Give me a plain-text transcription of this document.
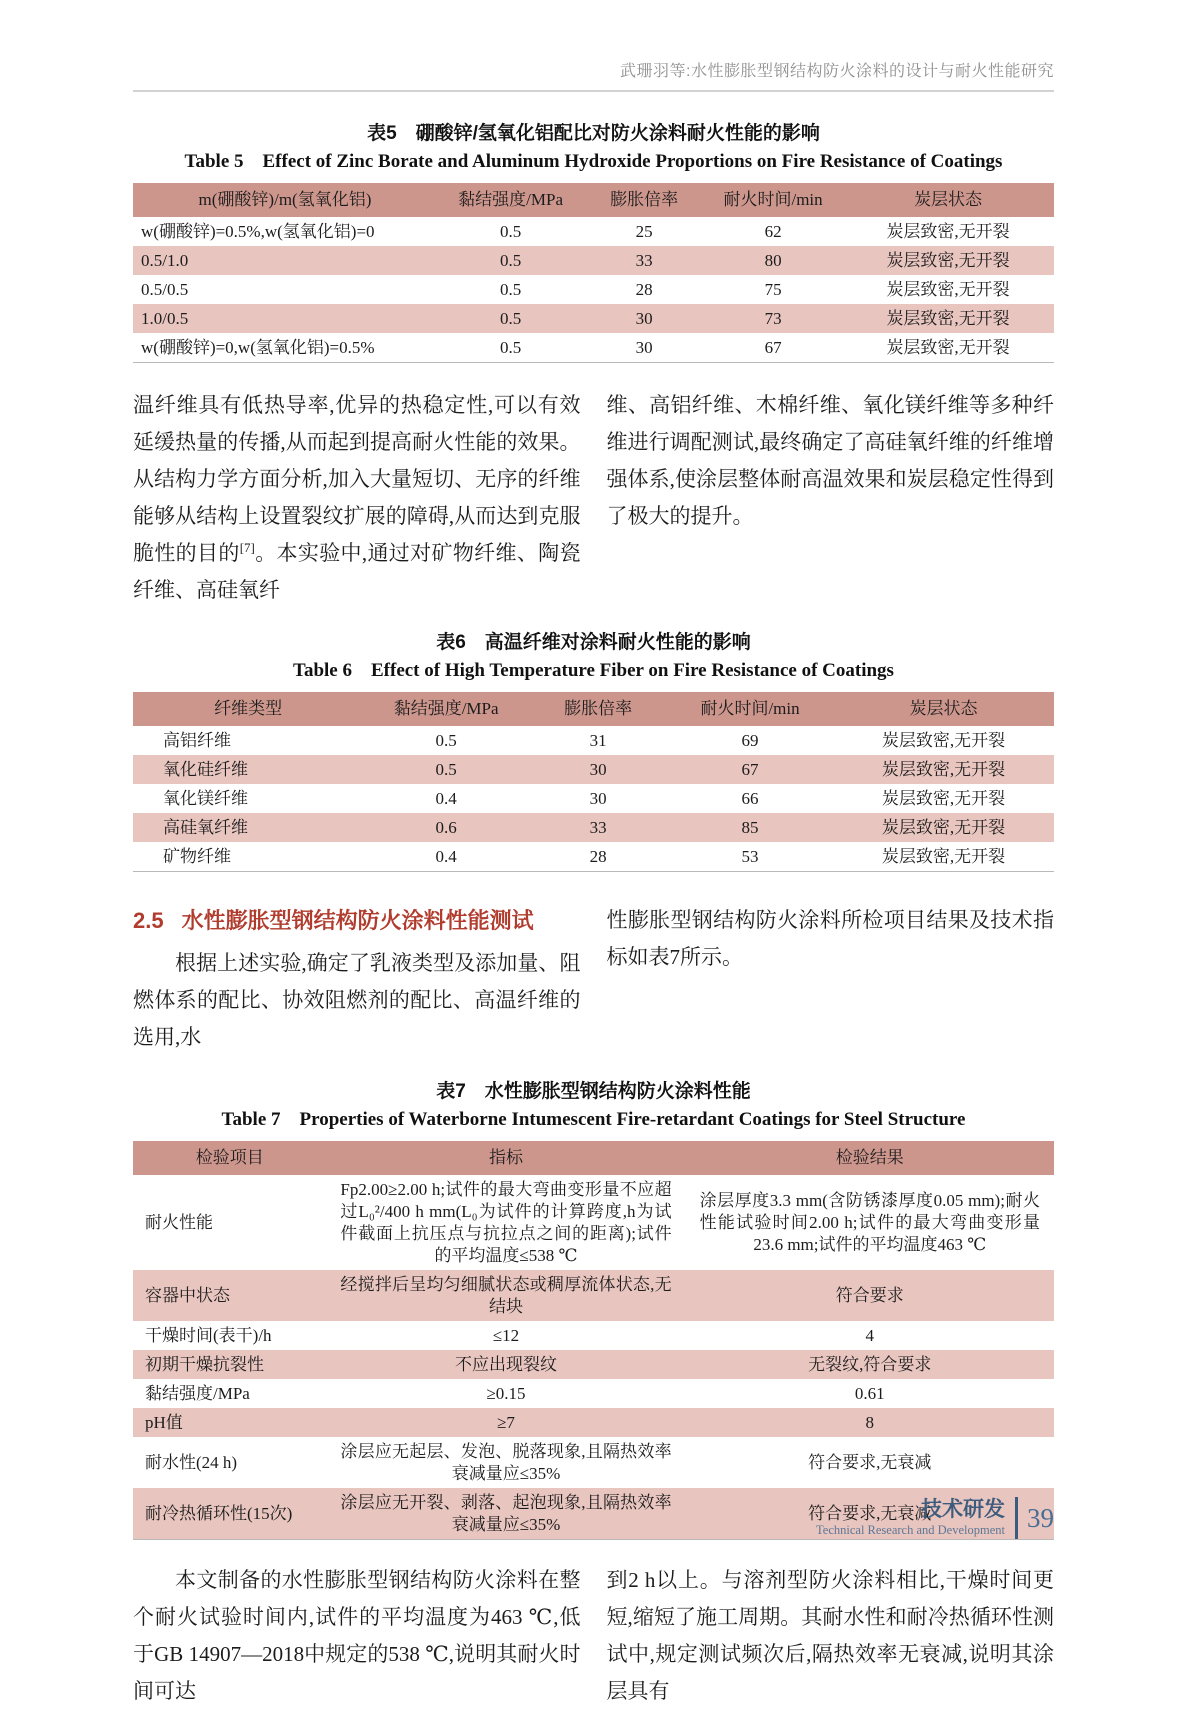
武珊羽等:水性膨胀型钢结构防火涂料的设计与耐火性能研究
表5　硼酸锌/氢氧化铝配比对防火涂料耐火性能的影响
Table 5  Effect of Zinc Borate and Aluminum Hydroxide Proportions on Fire Resistance of Coatings
m(硼酸锌)/m(氢氧化铝)	黏结强度/MPa	膨胀倍率	耐火时间/min	炭层状态
w(硼酸锌)=0.5%,w(氢氧化铝)=0	0.5	25	62	炭层致密,无开裂
0.5/1.0	0.5	33	80	炭层致密,无开裂
0.5/0.5	0.5	28	75	炭层致密,无开裂
1.0/0.5	0.5	30	73	炭层致密,无开裂
w(硼酸锌)=0,w(氢氧化铝)=0.5%	0.5	30	67	炭层致密,无开裂

温纤维具有低热导率,优异的热稳定性,可以有效延缓热量的传播,从而起到提高耐火性能的效果。从结构力学方面分析,加入大量短切、无序的纤维能够从结构上设置裂纹扩展的障碍,从而达到克服脆性的目的[7]。本实验中,通过对矿物纤维、陶瓷纤维、高硅氧纤

维、高铝纤维、木棉纤维、氧化镁纤维等多种纤维进行调配测试,最终确定了高硅氧纤维的纤维增强体系,使涂层整体耐高温效果和炭层稳定性得到了极大的提升。

表6　高温纤维对涂料耐火性能的影响
Table 6  Effect of High Temperature Fiber on Fire Resistance of Coatings
纤维类型	黏结强度/MPa	膨胀倍率	耐火时间/min	炭层状态
高铝纤维	0.5	31	69	炭层致密,无开裂
氧化硅纤维	0.5	30	67	炭层致密,无开裂
氧化镁纤维	0.4	30	66	炭层致密,无开裂
高硅氧纤维	0.6	33	85	炭层致密,无开裂
矿物纤维	0.4	28	53	炭层致密,无开裂
2.5 水性膨胀型钢结构防火涂料性能测试

根据上述实验,确定了乳液类型及添加量、阻燃体系的配比、协效阻燃剂的配比、高温纤维的选用,水

性膨胀型钢结构防火涂料所检项目结果及技术指标如表7所示。

表7　水性膨胀型钢结构防火涂料性能
Table 7  Properties of Waterborne Intumescent Fire-retardant Coatings for Steel Structure
检验项目	指标	检验结果
耐火性能	Fp2.00≥2.00 h;试件的最大弯曲变形量不应超过L₀²/400 h mm(L₀为试件的计算跨度,h为试件截面上抗压点与抗拉点之间的距离);试件的平均温度≤538 ℃	涂层厚度3.3 mm(含防锈漆厚度0.05 mm);耐火性能试验时间2.00 h;试件的最大弯曲变形量23.6 mm;试件的平均温度463 ℃
容器中状态	经搅拌后呈均匀细腻状态或稠厚流体状态,无结块	符合要求
干燥时间(表干)/h	≤12	4
初期干燥抗裂性	不应出现裂纹	无裂纹,符合要求
黏结强度/MPa	≥0.15	0.61
pH值	≥7	8
耐水性(24 h)	涂层应无起层、发泡、脱落现象,且隔热效率衰减量应≤35%	符合要求,无衰减
耐冷热循环性(15次)	涂层应无开裂、剥落、起泡现象,且隔热效率衰减量应≤35%	符合要求,无衰减

本文制备的水性膨胀型钢结构防火涂料在整个耐火试验时间内,试件的平均温度为463 ℃,低于GB 14907—2018中规定的538 ℃,说明其耐火时间可达

到2 h以上。与溶剂型防火涂料相比,干燥时间更短,缩短了施工周期。其耐水性和耐冷热循环性测试中,规定测试频次后,隔热效率无衰减,说明其涂层具有

技术研发
Technical Research and Development 39
